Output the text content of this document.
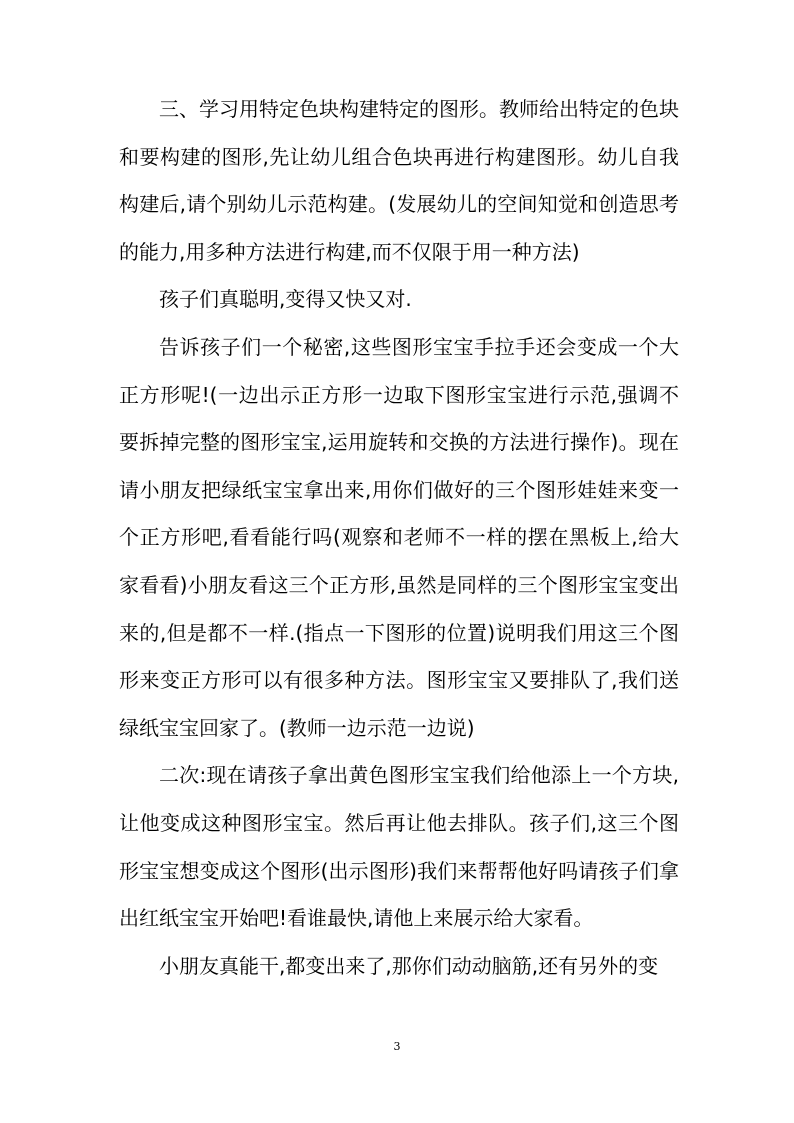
三、学习用特定色块构建特定的图形。教师给出特定的色块和要构建的图形,先让幼儿组合色块再进行构建图形。幼儿自我构建后,请个别幼儿示范构建。(发展幼儿的空间知觉和创造思考的能力,用多种方法进行构建,而不仅限于用一种方法)

孩子们真聪明,变得又快又对.

告诉孩子们一个秘密,这些图形宝宝手拉手还会变成一个大正方形呢!(一边出示正方形一边取下图形宝宝进行示范,强调不要拆掉完整的图形宝宝,运用旋转和交换的方法进行操作)。现在请小朋友把绿纸宝宝拿出来,用你们做好的三个图形娃娃来变一个正方形吧,看看能行吗(观察和老师不一样的摆在黑板上,给大家看看)小朋友看这三个正方形,虽然是同样的三个图形宝宝变出来的,但是都不一样.(指点一下图形的位置)说明我们用这三个图形来变正方形可以有很多种方法。图形宝宝又要排队了,我们送绿纸宝宝回家了。(教师一边示范一边说)

二次:现在请孩子拿出黄色图形宝宝我们给他添上一个方块,让他变成这种图形宝宝。然后再让他去排队。孩子们,这三个图形宝宝想变成这个图形(出示图形)我们来帮帮他好吗请孩子们拿出红纸宝宝开始吧!看谁最快,请他上来展示给大家看。

小朋友真能干,都变出来了,那你们动动脑筋,还有另外的变

3
